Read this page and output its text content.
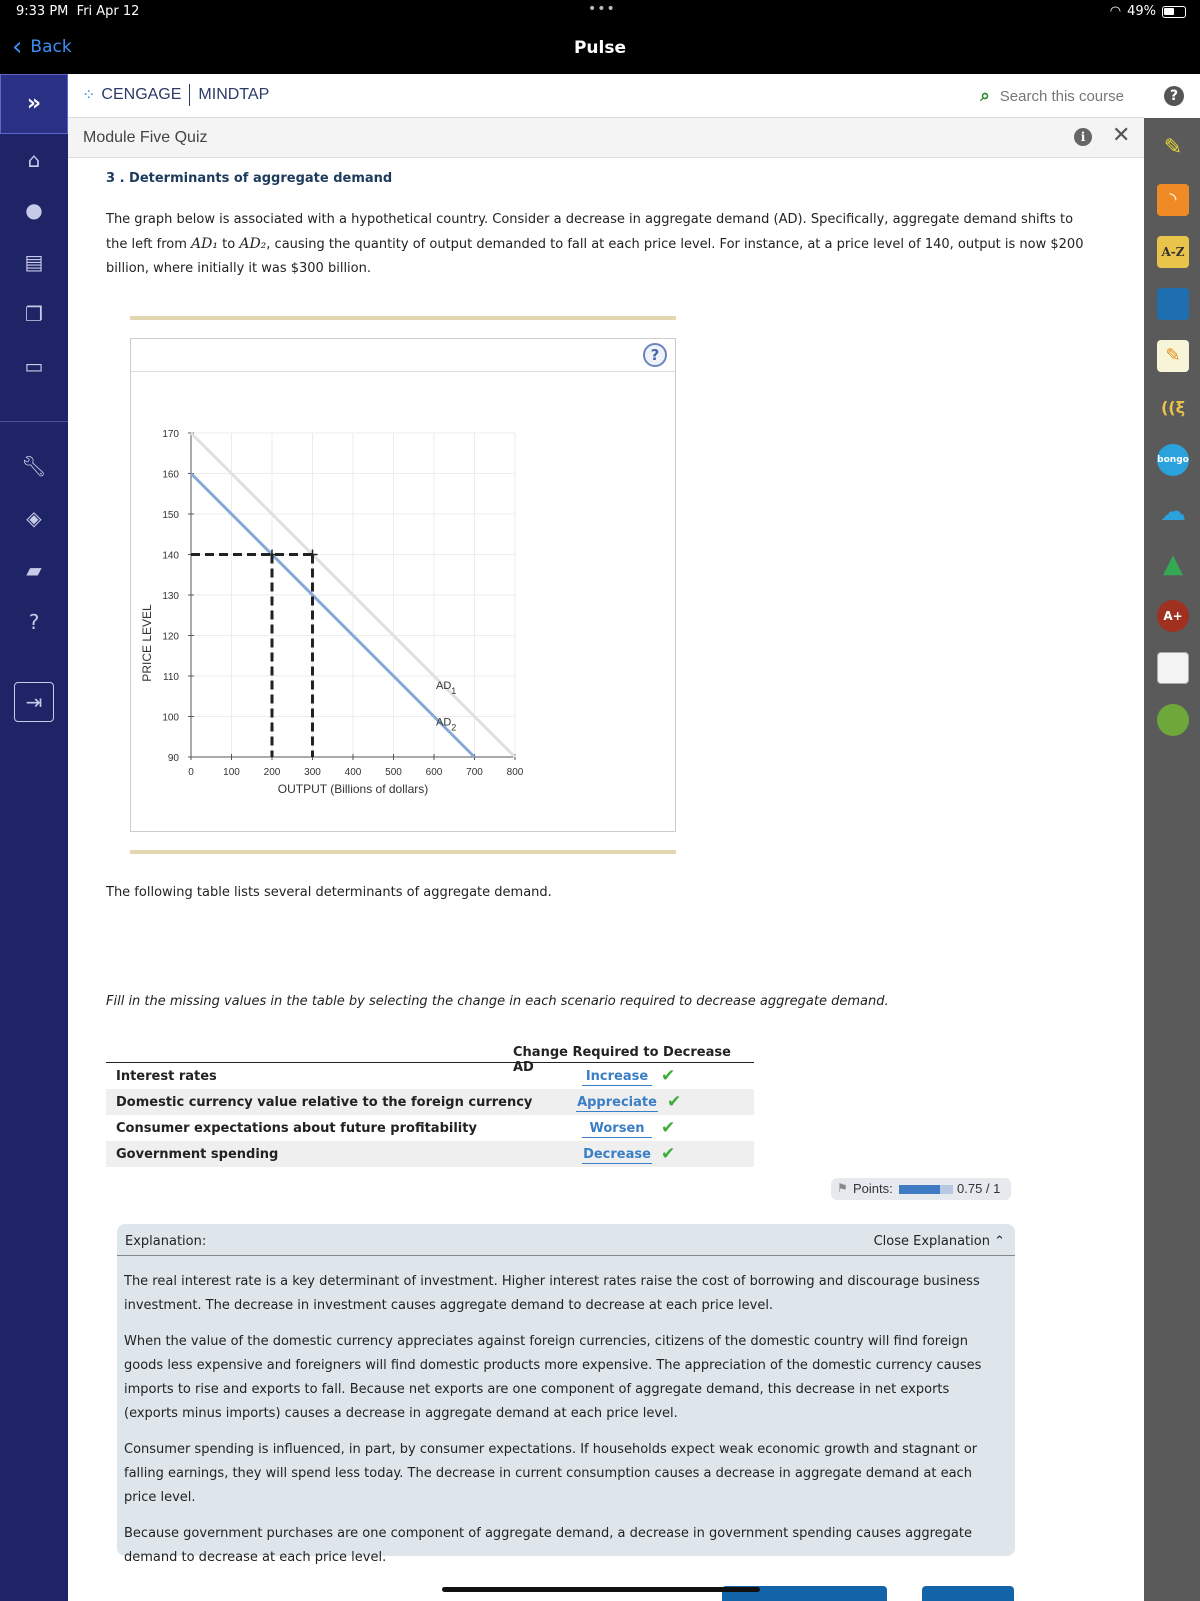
9:33 PM Fri Apr 12	•••	◠ 49%
‹ Back	Pulse
»
⌂
●
▤
❐
▭
🔧︎
◈
▰
?
⇥
?
✎
◝
A-Z
✎
((ξ
bongo
☁
▲
A+
⁘ CENGAGE MINDTAP	⌕ Search this course
Module Five Quiz	i	✕
3 . Determinants of aggregate demand
The graph below is associated with a hypothetical country. Consider a decrease in aggregate demand (AD). Specifically, aggregate demand shifts to the left from AD₁ to AD₂, causing the quantity of output demanded to fall at each price level. For instance, at a price level of 140, output is now $200 billion, where initially it was $300 billion.
?
0	100 200 300 400 500 600 700 800
90
100
110
120
130
140
150
160
170
OUTPUT (Billions of dollars)
PRICE LEVEL
$AD_1$
$AD_2$
The following table lists several determinants of aggregate demand.
Fill in the missing values in the table by selecting the change in each scenario required to decrease aggregate demand.
Change Required to Decrease AD
Interest rates	Increase ✔
Domestic currency value relative to the foreign currency	Appreciate ✔
Consumer expectations about future profitability	Worsen ✔
Government spending	Decrease ✔
⚑ Points:	0.75 / 1
Explanation:	Close Explanation ⌃

The real interest rate is a key determinant of investment. Higher interest rates raise the cost of borrowing and discourage business investment. The decrease in investment causes aggregate demand to decrease at each price level.

When the value of the domestic currency appreciates against foreign currencies, citizens of the domestic country will find foreign goods less expensive and foreigners will find domestic products more expensive. The appreciation of the domestic currency causes imports to rise and exports to fall. Because net exports are one component of aggregate demand, this decrease in net exports (exports minus imports) causes a decrease in aggregate demand at each price level.

Consumer spending is influenced, in part, by consumer expectations. If households expect weak economic growth and stagnant or falling earnings, they will spend less today. The decrease in current consumption causes a decrease in aggregate demand at each price level.

Because government purchases are one component of aggregate demand, a decrease in government spending causes aggregate demand to decrease at each price level.
